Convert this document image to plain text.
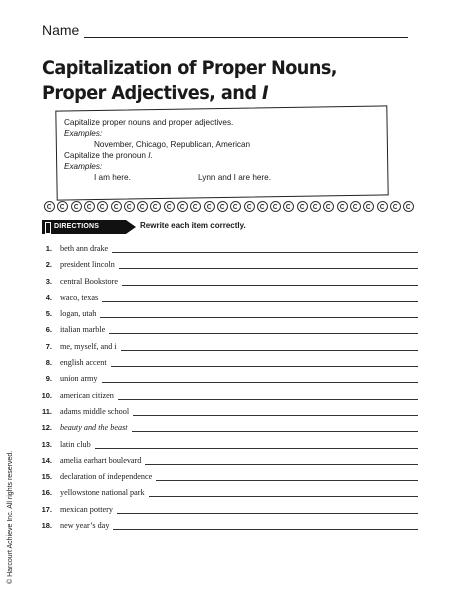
Name
Capitalization of Proper Nouns,
Proper Adjectives, and I
Capitalize proper nouns and proper adjectives.
Examples:
November, Chicago, Republican, American
Capitalize the pronoun I.
Examples:
I am here.	Lynn and I are here.
DIRECTIONS	Rewrite each item correctly.
1. beth ann drake
2. president lincoln
3. central Bookstore
4. waco, texas
5. logan, utah
6. italian marble
7. me, myself, and i
8. english accent
9. union army
10. american citizen
11. adams middle school
12. beauty and the beast
13. latin club
14. amelia earhart boulevard
15. declaration of independence
16. yellowstone national park
17. mexican pottery
18. new year’s day
© Harcourt Achieve Inc. All rights reserved.
